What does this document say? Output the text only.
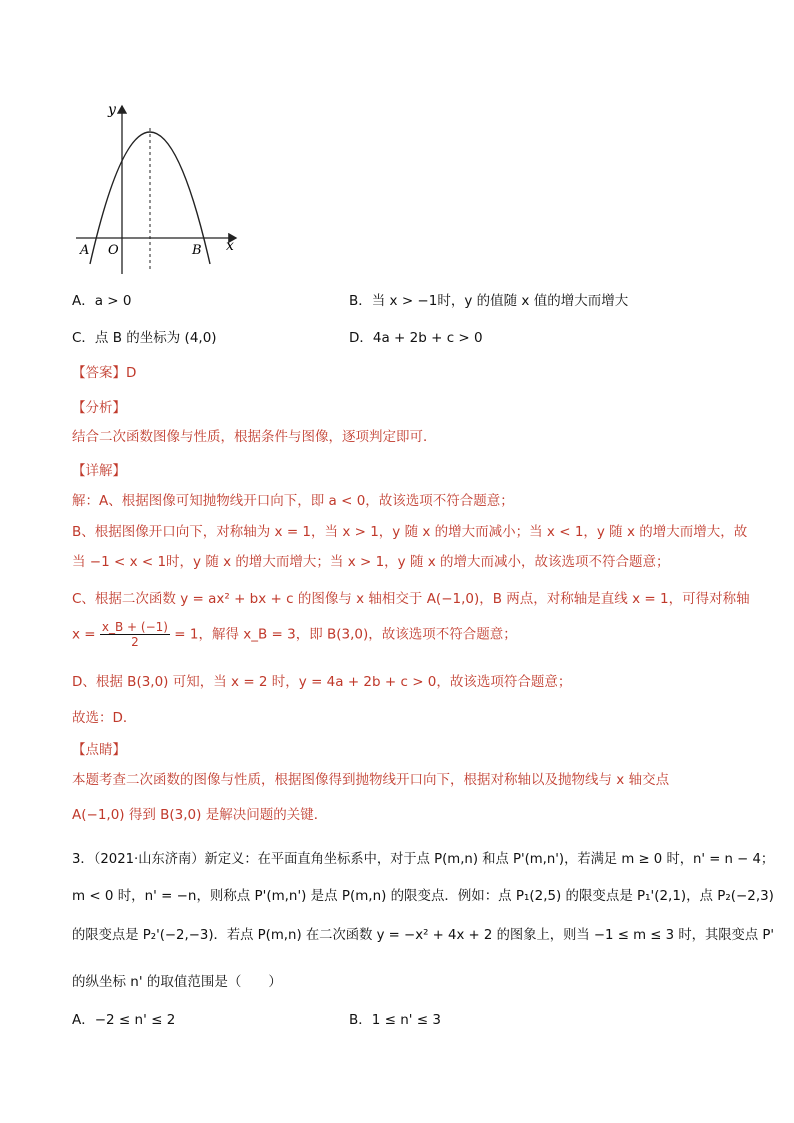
y
x
O
A	B
A．a > 0	B．当 x > −1时，y 的值随 x 值的增大而增大
C．点 B 的坐标为 (4,0)	D．4a + 2b + c > 0
【答案】D
【分析】
结合二次函数图像与性质，根据条件与图像，逐项判定即可．
【详解】
解：A、根据图像可知抛物线开口向下，即 a < 0，故该选项不符合题意；
B、根据图像开口向下，对称轴为 x = 1，当 x > 1，y 随 x 的增大而减小；当 x < 1，y 随 x 的增大而增大，故
当 −1 < x < 1时，y 随 x 的增大而增大；当 x > 1，y 随 x 的增大而减小，故该选项不符合题意；
C、根据二次函数 y = ax² + bx + c 的图像与 x 轴相交于 A(−1,0)，B 两点，对称轴是直线 x = 1，可得对称轴
$x = \frac{x\_B + (-1)}{2} = 1$，解得 x_B = 3，即 B(3,0)，故该选项不符合题意；
D、根据 B(3,0) 可知，当 x = 2 时，y = 4a + 2b + c > 0，故该选项符合题意；
故选：D．
【点睛】
本题考查二次函数的图像与性质，根据图像得到抛物线开口向下，根据对称轴以及抛物线与 x 轴交点
A(−1,0) 得到 B(3,0) 是解决问题的关键．
3．（2021·山东济南）新定义：在平面直角坐标系中，对于点 P(m,n) 和点 P'(m,n')，若满足 m ≥ 0 时，n' = n − 4；
m < 0 时，n' = −n，则称点 P'(m,n') 是点 P(m,n) 的限变点．例如：点 P₁(2,5) 的限变点是 P₁'(2,1)，点 P₂(−2,3)
的限变点是 P₂'(−2,−3)．若点 P(m,n) 在二次函数 y = −x² + 4x + 2 的图象上，则当 −1 ≤ m ≤ 3 时，其限变点 P'
的纵坐标 n' 的取值范围是（　　）
A．−2 ≤ n' ≤ 2	B．1 ≤ n' ≤ 3
